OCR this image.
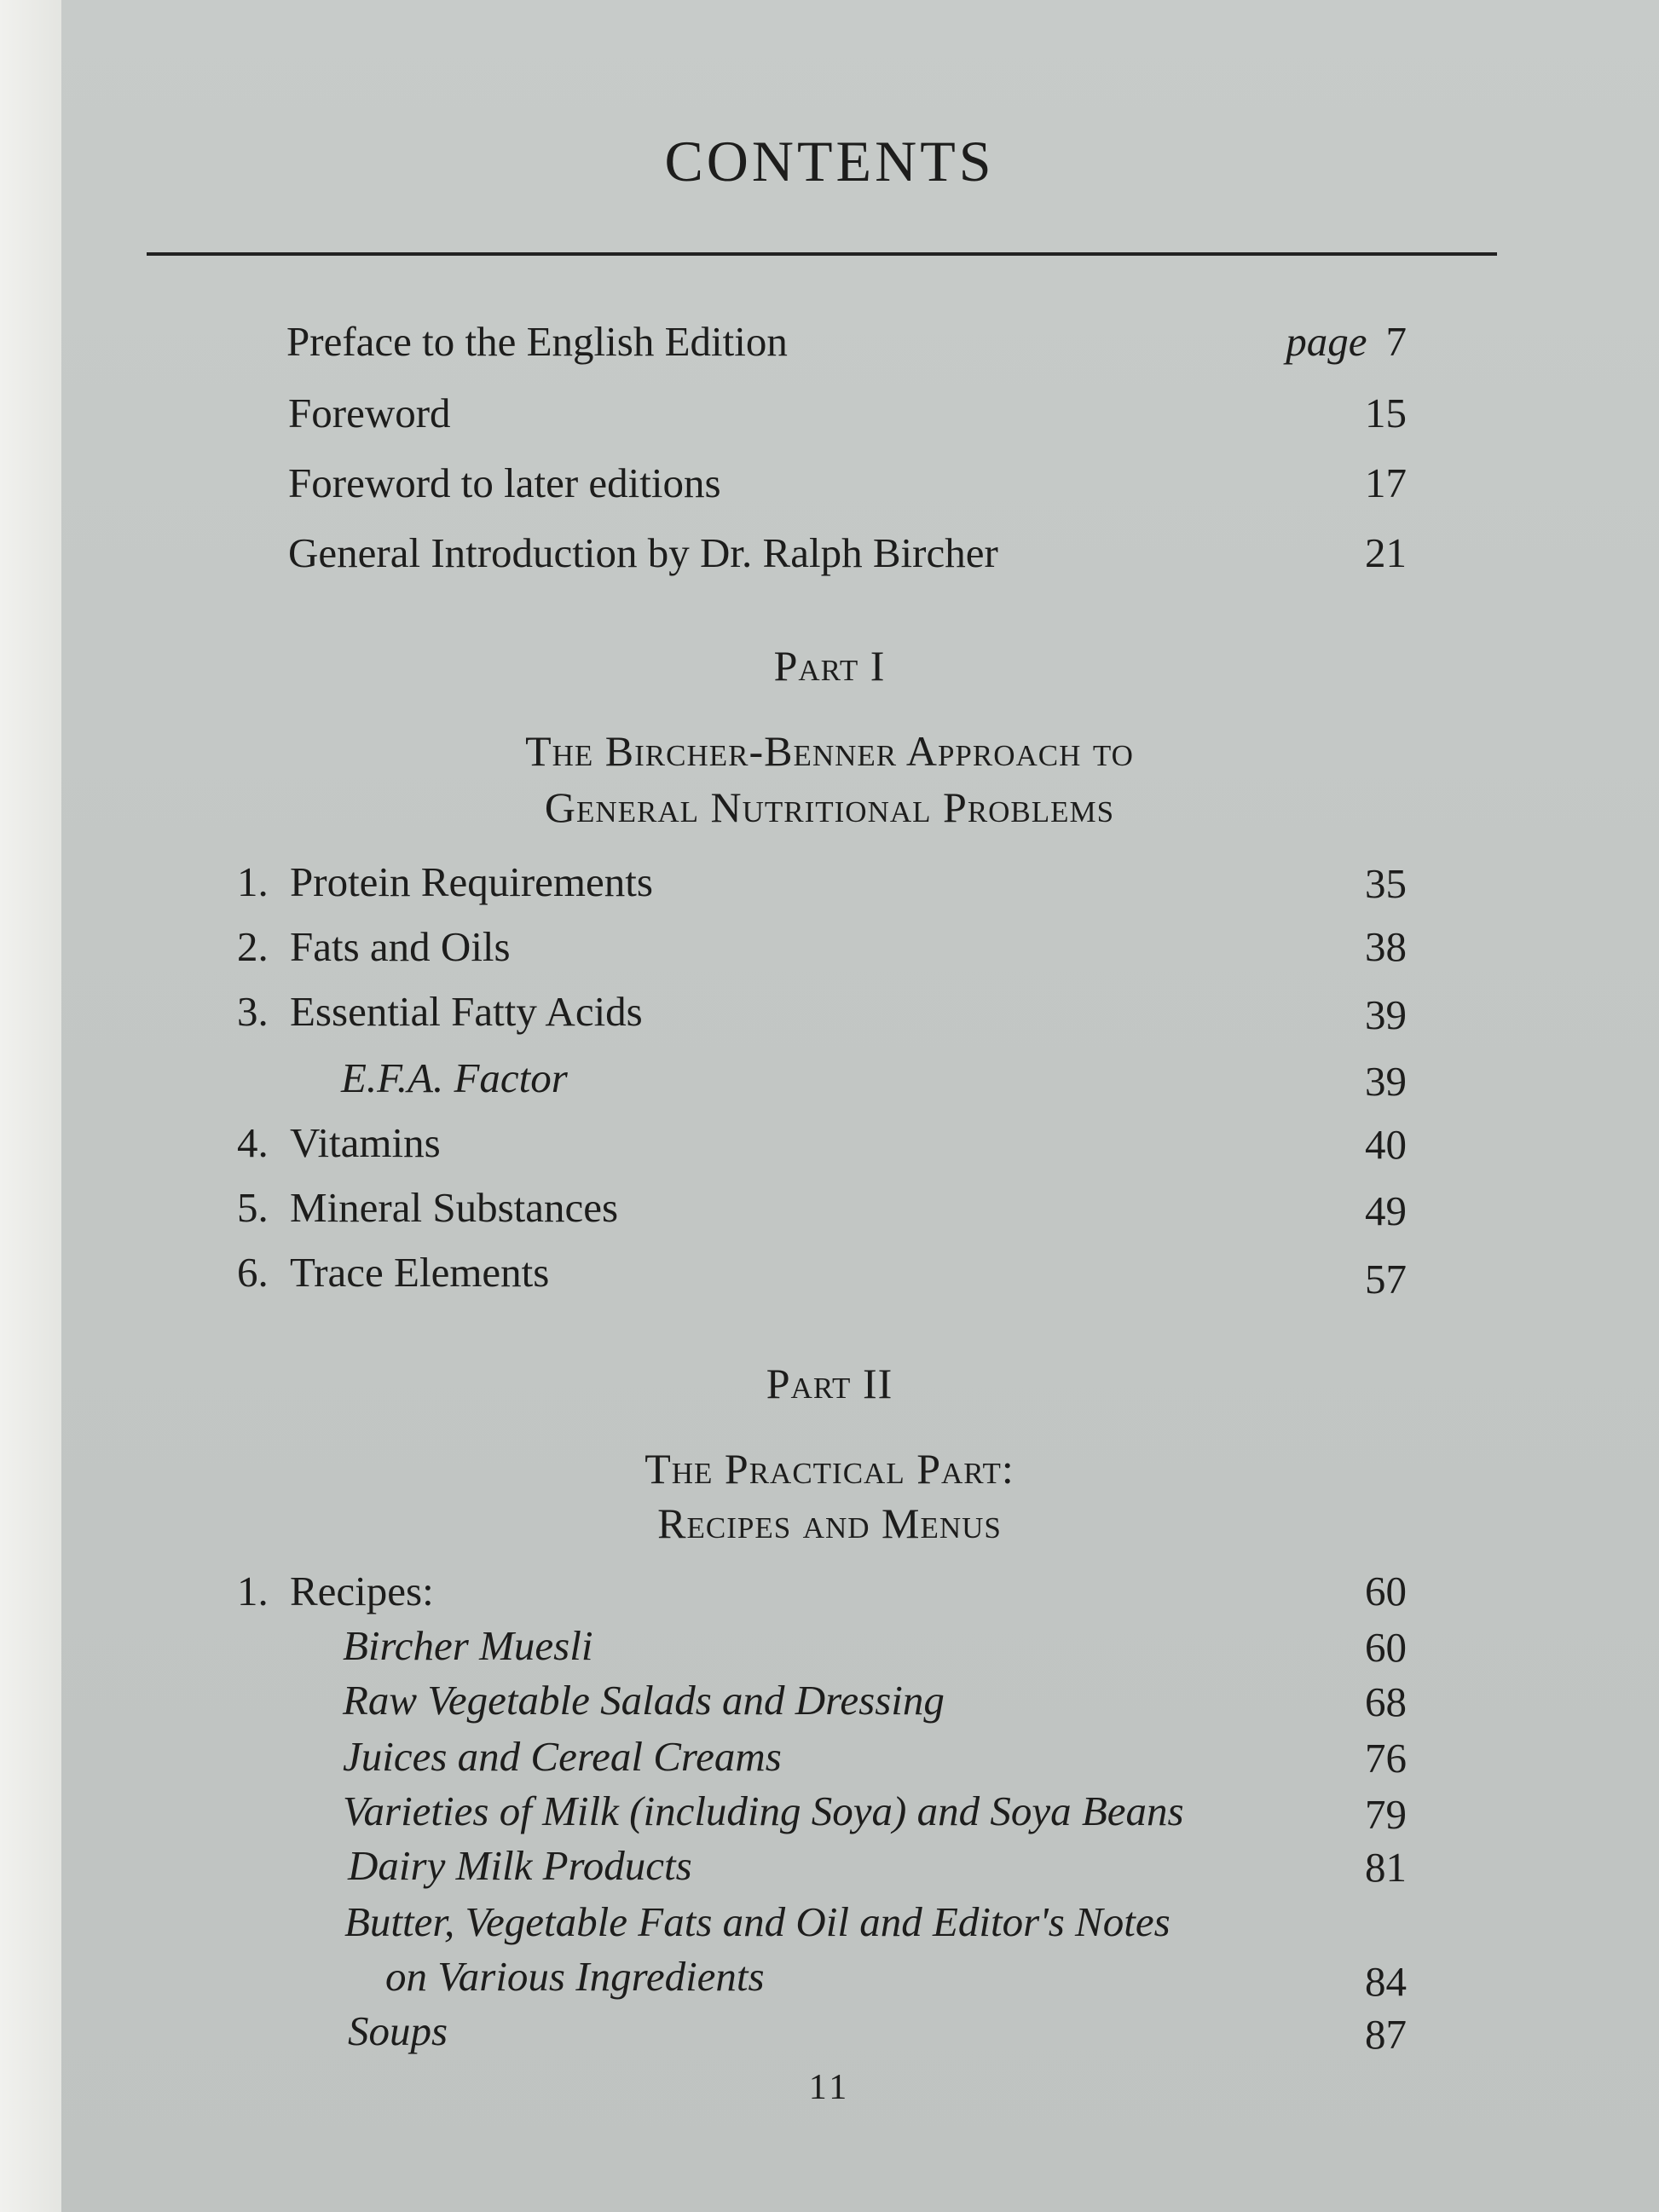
CONTENTS
Preface to the English Edition	page 7
Foreword	15
Foreword to later editions	17
General Introduction by Dr. Ralph Bircher	21
Part I
The Bircher-Benner Approach to
General Nutritional Problems
1. Protein Requirements	35
2. Fats and Oils	38
3. Essential Fatty Acids	39
E.F.A. Factor	39
4. Vitamins	40
5. Mineral Substances	49
6. Trace Elements	57
Part II
The Practical Part:
Recipes and Menus
1. Recipes:	60
Bircher Muesli	60
Raw Vegetable Salads and Dressing	68
Juices and Cereal Creams	76
Varieties of Milk (including Soya) and Soya Beans	79
Dairy Milk Products	81
Butter, Vegetable Fats and Oil and Editor's Notes
on Various Ingredients	84
Soups	87
11
